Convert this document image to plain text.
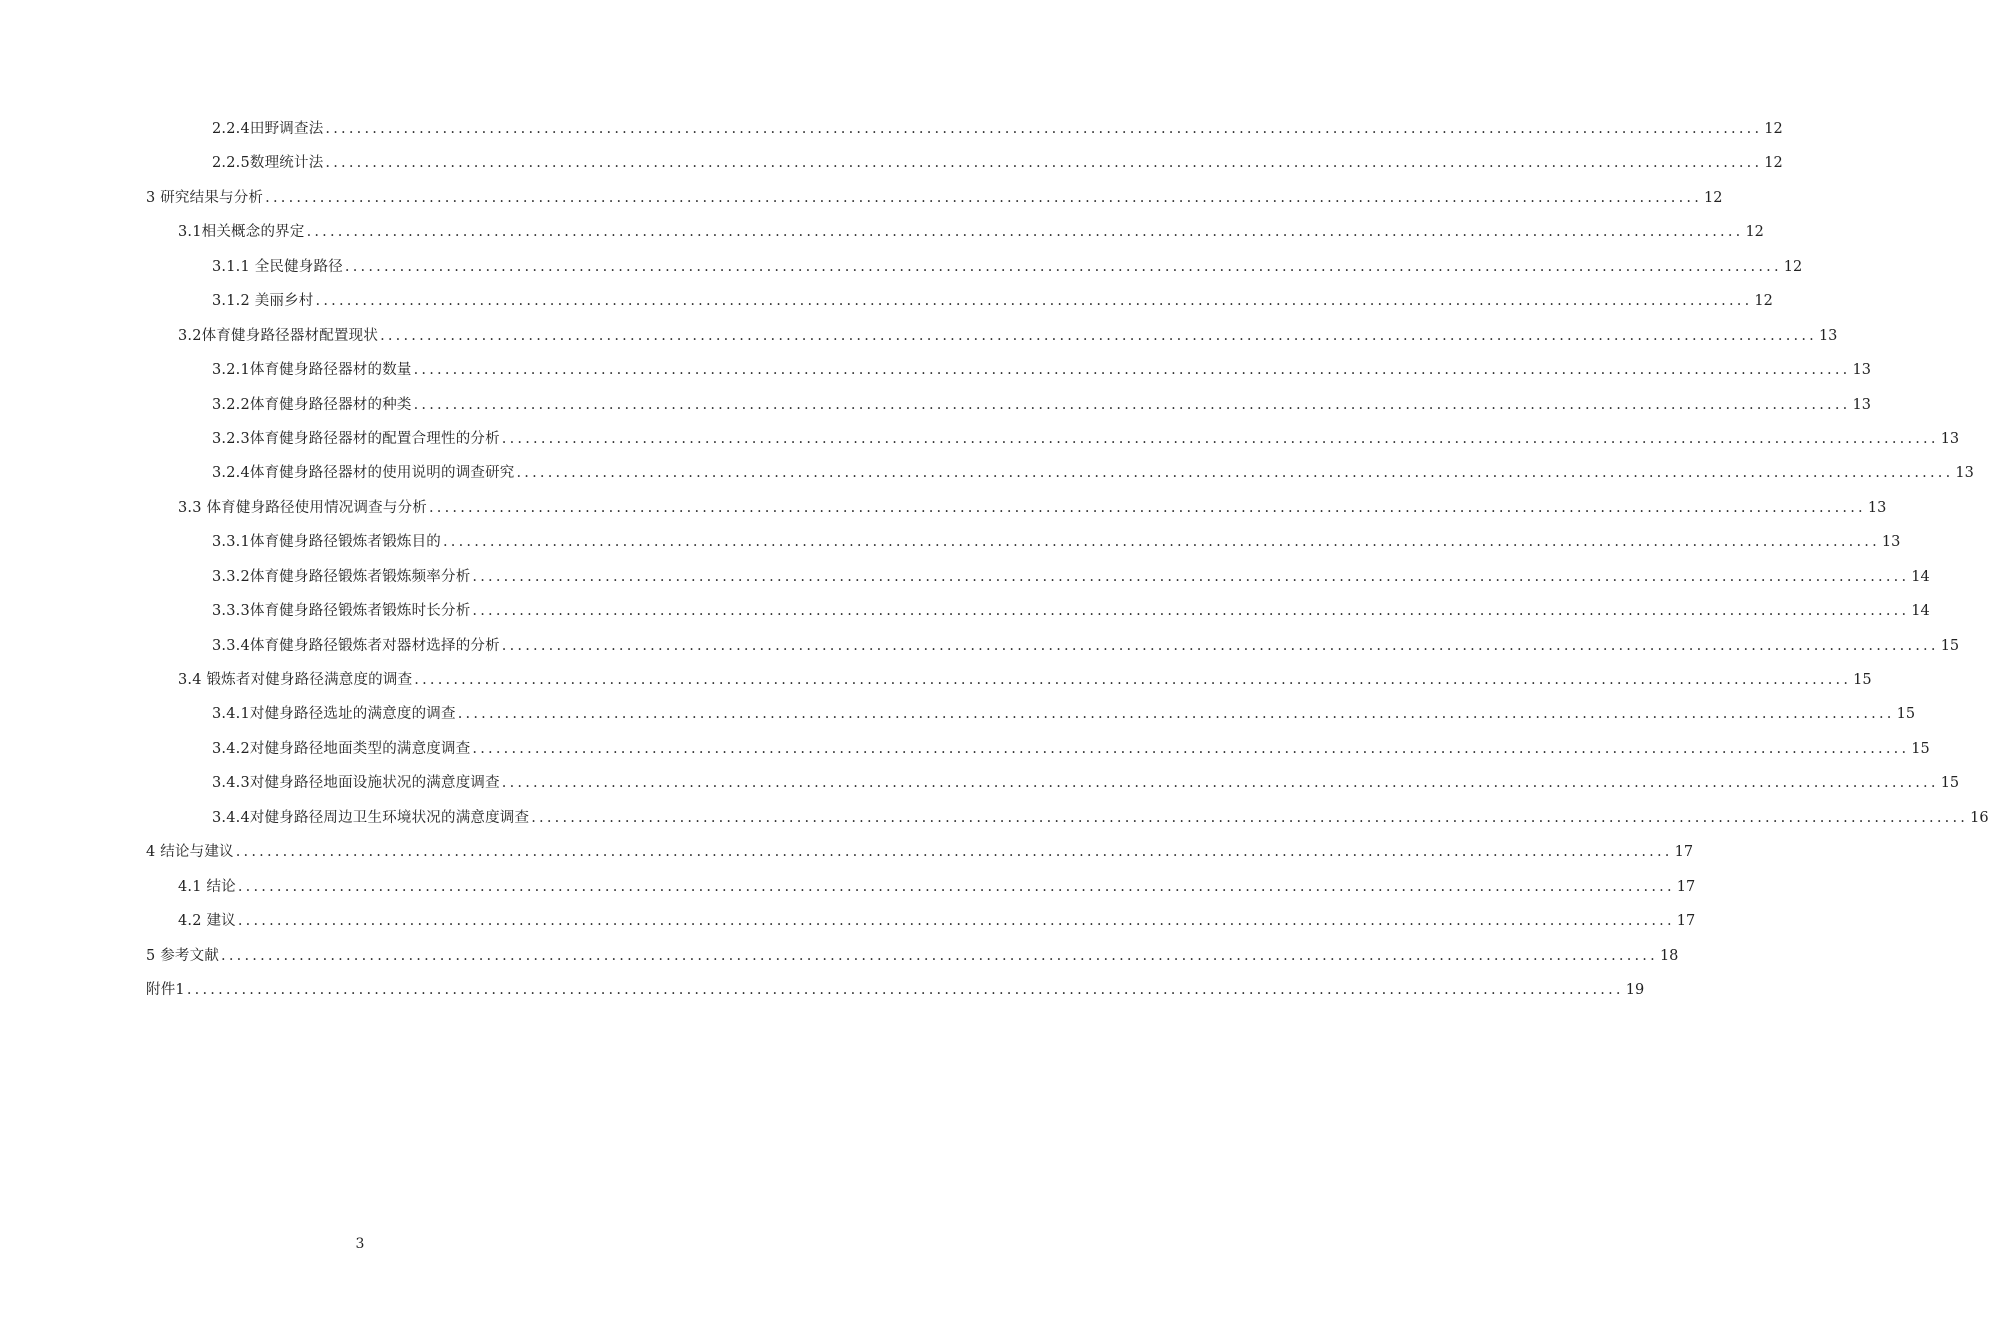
2.2.4田野调查法 ........................................................................................................................................................................................ 12
2.2.5数理统计法 ........................................................................................................................................................................................ 12
3 研究结果与分析 ........................................................................................................................................................................................ 12
3.1相关概念的界定 ........................................................................................................................................................................................ 12
3.1.1 全民健身路径 ........................................................................................................................................................................................ 12
3.1.2 美丽乡村 ........................................................................................................................................................................................ 12
3.2体育健身路径器材配置现状 ........................................................................................................................................................................................ 13
3.2.1体育健身路径器材的数量 ........................................................................................................................................................................................ 13
3.2.2体育健身路径器材的种类 ........................................................................................................................................................................................ 13
3.2.3体育健身路径器材的配置合理性的分析 ........................................................................................................................................................................................ 13
3.2.4体育健身路径器材的使用说明的调查研究 ........................................................................................................................................................................................ 13
3.3 体育健身路径使用情况调查与分析 ........................................................................................................................................................................................ 13
3.3.1体育健身路径锻炼者锻炼目的 ........................................................................................................................................................................................ 13
3.3.2体育健身路径锻炼者锻炼频率分析 ........................................................................................................................................................................................ 14
3.3.3体育健身路径锻炼者锻炼时长分析 ........................................................................................................................................................................................ 14
3.3.4体育健身路径锻炼者对器材选择的分析 ........................................................................................................................................................................................ 15
3.4 锻炼者对健身路径满意度的调查 ........................................................................................................................................................................................ 15
3.4.1对健身路径选址的满意度的调查 ........................................................................................................................................................................................ 15
3.4.2对健身路径地面类型的满意度调查 ........................................................................................................................................................................................ 15
3.4.3对健身路径地面设施状况的满意度调查 ........................................................................................................................................................................................ 15
3.4.4对健身路径周边卫生环境状况的满意度调查 ........................................................................................................................................................................................ 16
4 结论与建议 ........................................................................................................................................................................................ 17
4.1 结论 ........................................................................................................................................................................................ 17
4.2 建议 ........................................................................................................................................................................................ 17
5 参考文献 ........................................................................................................................................................................................ 18
附件1 ........................................................................................................................................................................................ 19
3
